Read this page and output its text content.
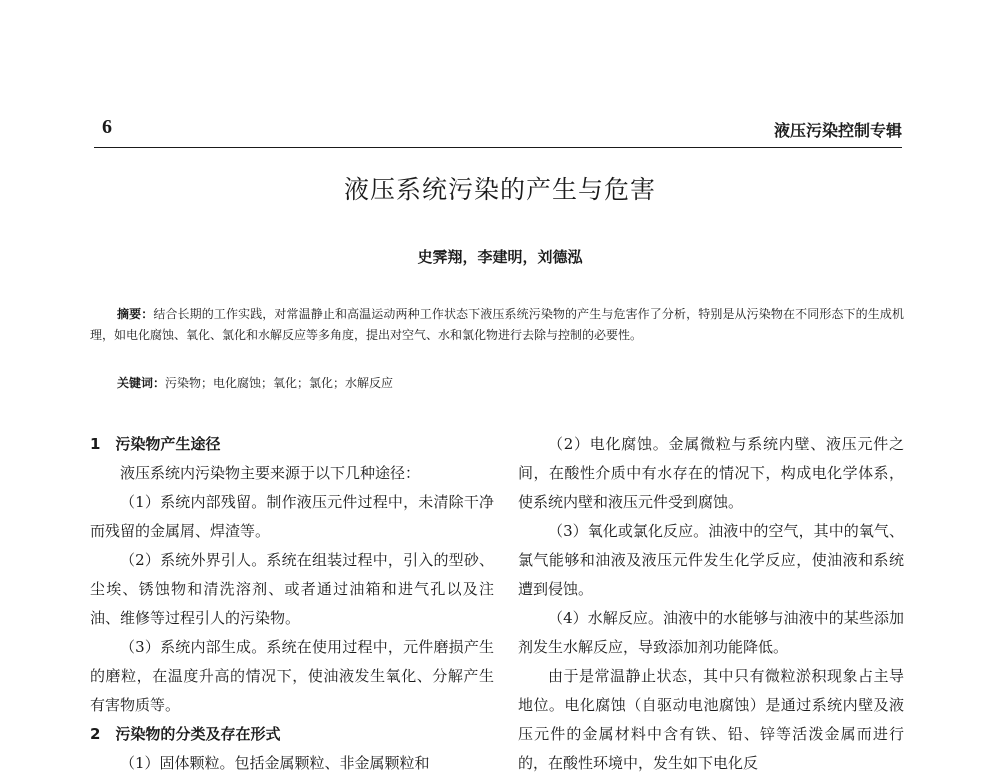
6	液压污染控制专辑
液压系统污染的产生与危害
史霁翔，李建明，刘德泓

摘要：结合长期的工作实践，对常温静止和高温运动两种工作状态下液压系统污染物的产生与危害作了分析，特别是从污染物在不同形态下的生成机理，如电化腐蚀、氧化、氯化和水解反应等多角度，提出对空气、水和氯化物进行去除与控制的必要性。

关键词：污染物；电化腐蚀；氧化；氯化；水解反应
1　污染物产生途径

液压系统内污染物主要来源于以下几种途径：

（1）系统内部残留。制作液压元件过程中，未清除干净而残留的金属屑、焊渣等。

（2）系统外界引人。系统在组装过程中，引入的型砂、尘埃、锈蚀物和清洗溶剂、或者通过油箱和进气孔以及注油、维修等过程引人的污染物。

（3）系统内部生成。系统在使用过程中，元件磨损产生的磨粒，在温度升高的情况下，使油液发生氧化、分解产生有害物质等。

2　污染物的分类及存在形式

（1）固体颗粒。包括金属颗粒、非金属颗粒和

（2）电化腐蚀。金属微粒与系统内壁、液压元件之间，在酸性介质中有水存在的情况下，构成电化学体系，使系统内壁和液压元件受到腐蚀。

（3）氧化或氯化反应。油液中的空气，其中的氧气、氯气能够和油液及液压元件发生化学反应，使油液和系统遭到侵蚀。

（4）水解反应。油液中的水能够与油液中的某些添加剂发生水解反应，导致添加剂功能降低。

由于是常温静止状态，其中只有微粒淤积现象占主导地位。电化腐蚀（自驱动电池腐蚀）是通过系统内壁及液压元件的金属材料中含有铁、铅、锌等活泼金属而进行的，在酸性环境中，发生如下电化反
